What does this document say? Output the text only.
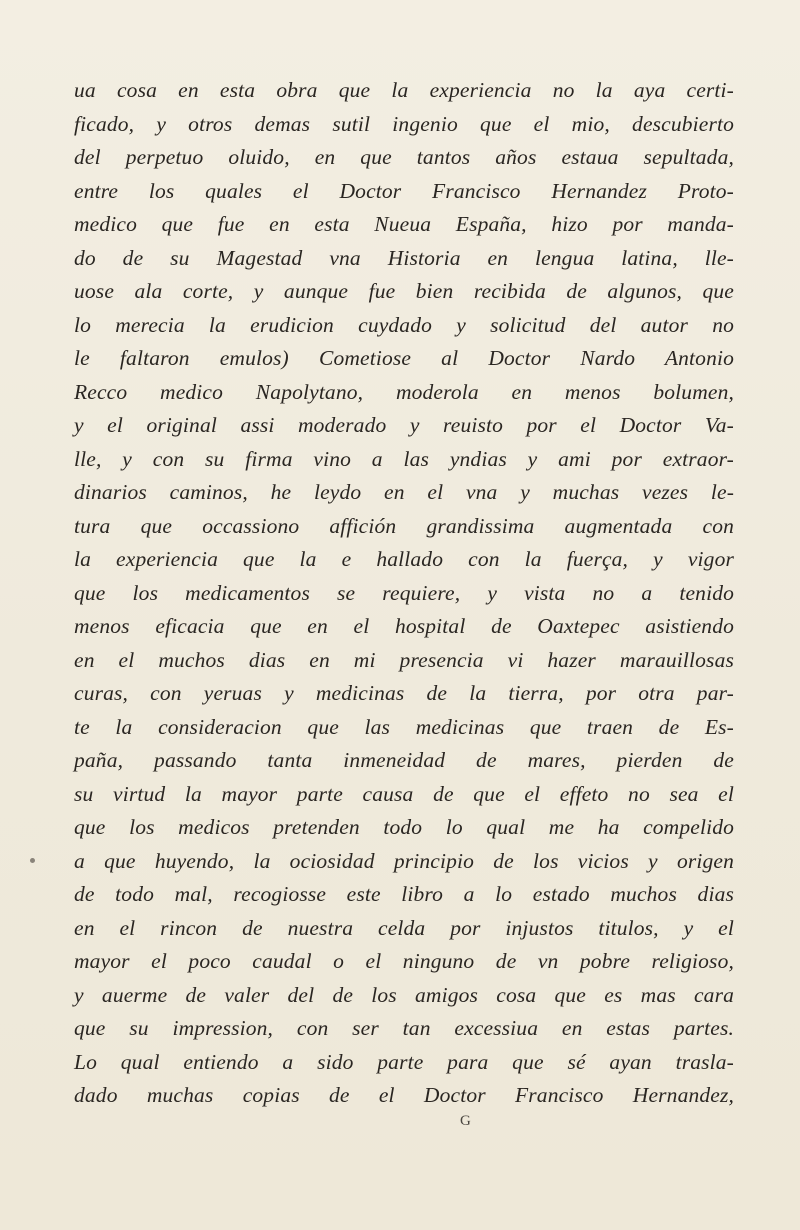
ua cosa en esta obra que la experiencia no la aya certi-
ficado, y otros demas sutil ingenio que el mio, descubierto
del perpetuo oluido, en que tantos años estaua sepultada,
entre los quales el Doctor Francisco Hernandez Proto-
medico que fue en esta Nueua España, hizo por manda-
do de su Magestad vna Historia en lengua latina, lle-
uose ala corte, y aunque fue bien recibida de algunos, que
lo merecia la erudicion cuydado y solicitud del autor no
le faltaron emulos) Cometiose al Doctor Nardo Antonio
Recco medico Napolytano, moderola en menos bolumen,
y el original assi moderado y reuisto por el Doctor Va-
lle, y con su firma vino a las yndias y ami por extraor-
dinarios caminos, he leydo en el vna y muchas vezes le-
tura que occassiono affición grandissima augmentada con
la experiencia que la e hallado con la fuerça, y vigor
que los medicamentos se requiere, y vista no a tenido
menos eficacia que en el hospital de Oaxtepec asistiendo
en el muchos dias en mi presencia vi hazer marauillosas
curas, con yeruas y medicinas de la tierra, por otra par-
te la consideracion que las medicinas que traen de Es-
paña, passando tanta inmeneidad de mares, pierden de
su virtud la mayor parte causa de que el effeto no sea el
que los medicos pretenden todo lo qual me ha compelido
a que huyendo, la ociosidad principio de los vicios y origen
de todo mal, recogiosse este libro a lo estado muchos dias
en el rincon de nuestra celda por injustos titulos, y el
mayor el poco caudal o el ninguno de vn pobre religioso,
y auerme de valer del de los amigos cosa que es mas cara
que su impression, con ser tan excessiua en estas partes.
Lo qual entiendo a sido parte para que sé ayan trasla-
dado muchas copias de el Doctor Francisco Hernandez,
G
